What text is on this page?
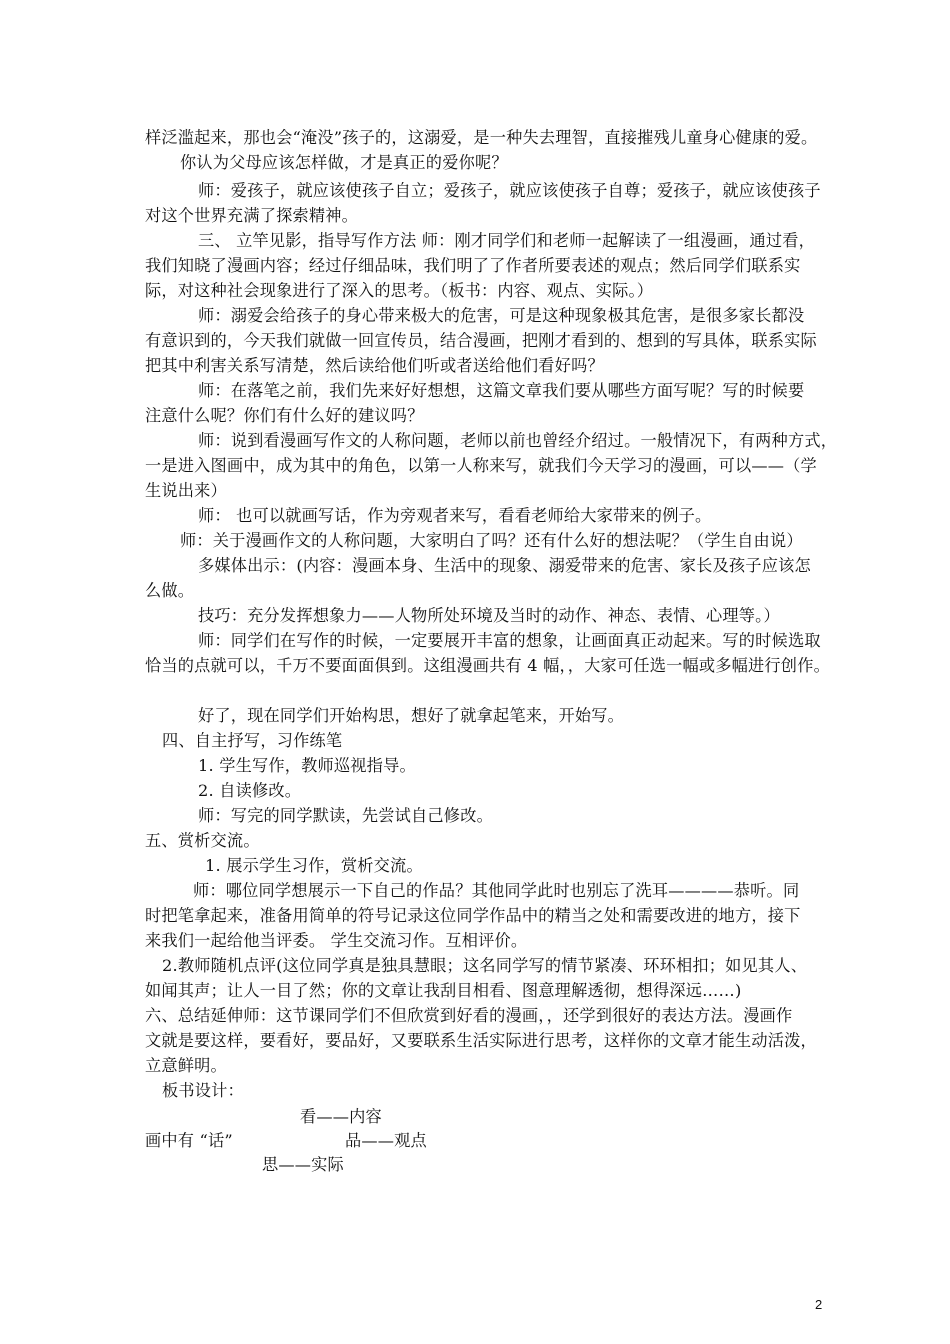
样泛滥起来，那也会“淹没”孩子的，这溺爱，是一种失去理智，直接摧残儿童身心健康的爱。
你认为父母应该怎样做，才是真正的爱你呢？
师：爱孩子，就应该使孩子自立；爱孩子，就应该使孩子自尊；爱孩子，就应该使孩子
对这个世界充满了探索精神。
三、 立竿见影，指导写作方法 师：刚才同学们和老师一起解读了一组漫画，通过看，
我们知晓了漫画内容；经过仔细品味，我们明了了作者所要表述的观点；然后同学们联系实
际，对这种社会现象进行了深入的思考。（板书：内容、观点、实际。）
师：溺爱会给孩子的身心带来极大的危害，可是这种现象极其危害，是很多家长都没
有意识到的，今天我们就做一回宣传员，结合漫画，把刚才看到的、想到的写具体，联系实际
把其中利害关系写清楚，然后读给他们听或者送给他们看好吗？
师：在落笔之前，我们先来好好想想，这篇文章我们要从哪些方面写呢？写的时候要
注意什么呢？你们有什么好的建议吗？
师：说到看漫画写作文的人称问题，老师以前也曾经介绍过。一般情况下，有两种方式，
一是进入图画中，成为其中的角色，以第一人称来写，就我们今天学习的漫画，可以——（学
生说出来）
师： 也可以就画写话，作为旁观者来写，看看老师给大家带来的例子。
师：关于漫画作文的人称问题，大家明白了吗？还有什么好的想法呢？（学生自由说）
多媒体出示：(内容：漫画本身、生活中的现象、溺爱带来的危害、家长及孩子应该怎
么做。
技巧：充分发挥想象力——人物所处环境及当时的动作、神态、表情、心理等。）
师：同学们在写作的时候，一定要展开丰富的想象，让画面真正动起来。写的时候选取
恰当的点就可以，千万不要面面俱到。这组漫画共有 4 幅，，大家可任选一幅或多幅进行创作。
好了，现在同学们开始构思，想好了就拿起笔来，开始写。
四、自主抒写，习作练笔
1. 学生写作，教师巡视指导。
2. 自读修改。
师：写完的同学默读，先尝试自己修改。
五、赏析交流。
1. 展示学生习作，赏析交流。
师：哪位同学想展示一下自己的作品？其他同学此时也别忘了洗耳————恭听。同
时把笔拿起来，准备用简单的符号记录这位同学作品中的精当之处和需要改进的地方，接下
来我们一起给他当评委。 学生交流习作。互相评价。
2.教师随机点评(这位同学真是独具慧眼；这名同学写的情节紧凑、环环相扣；如见其人、
如闻其声；让人一目了然；你的文章让我刮目相看、图意理解透彻，想得深远……)
六、总结延伸师：这节课同学们不但欣赏到好看的漫画，，还学到很好的表达方法。漫画作
文就是要这样，要看好，要品好，又要联系生活实际进行思考，这样你的文章才能生动活泼，
立意鲜明。
板书设计：
看——内容
画中有 “话”	品——观点
思——实际
2
